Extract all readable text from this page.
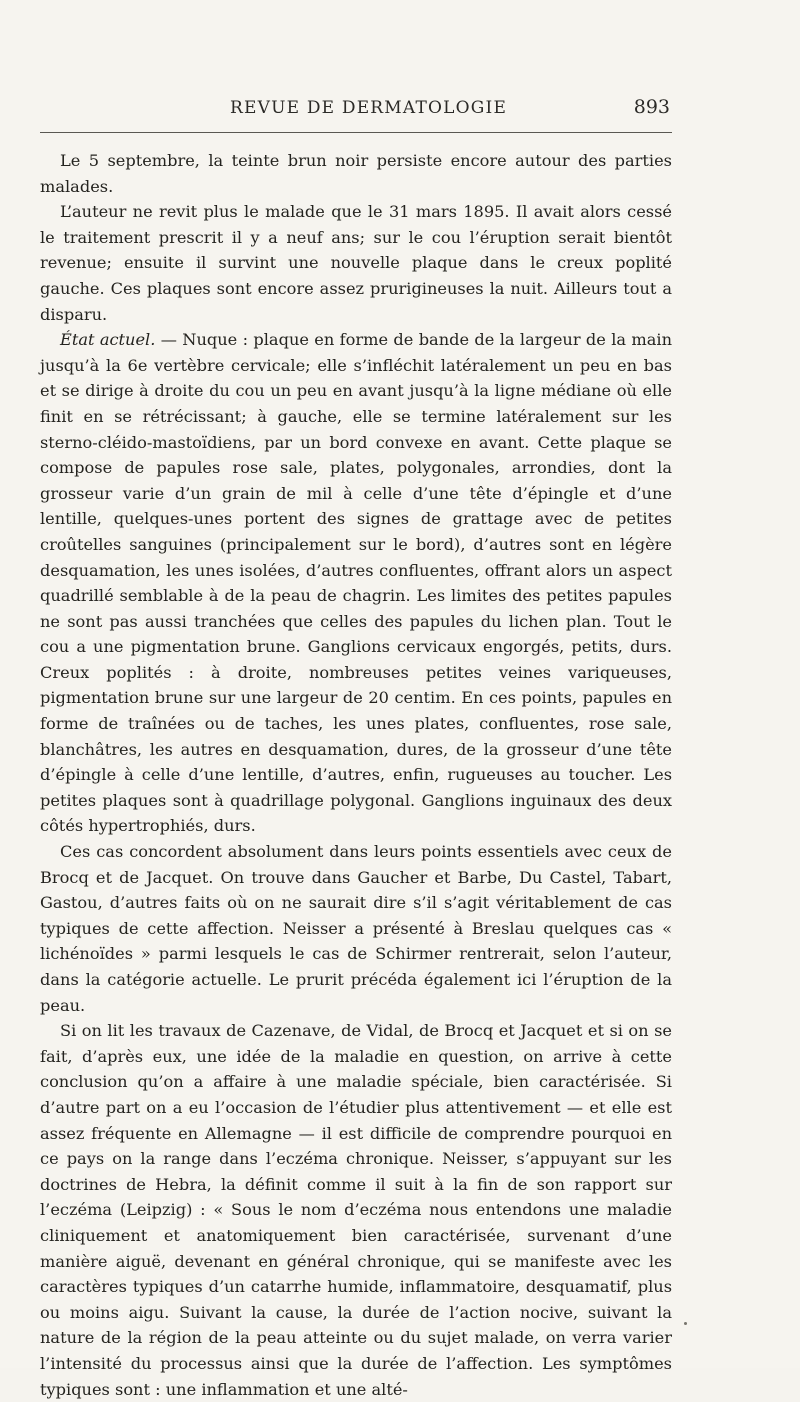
REVUE DE DERMATOLOGIE	893

Le 5 septembre, la teinte brun noir persiste encore autour des parties malades.

L’auteur ne revit plus le malade que le 31 mars 1895. Il avait alors cessé le traitement prescrit il y a neuf ans; sur le cou l’éruption serait bientôt revenue; ensuite il survint une nouvelle plaque dans le creux poplité gauche. Ces plaques sont encore assez prurigineuses la nuit. Ailleurs tout a disparu.

État actuel. — Nuque : plaque en forme de bande de la largeur de la main jusqu’à la 6e vertèbre cervicale; elle s’infléchit latéralement un peu en bas et se dirige à droite du cou un peu en avant jusqu’à la ligne médiane où elle finit en se rétrécissant; à gauche, elle se termine latéralement sur les sterno-cléido-mastoïdiens, par un bord convexe en avant. Cette plaque se compose de papules rose sale, plates, polygonales, arrondies, dont la grosseur varie d’un grain de mil à celle d’une tête d’épingle et d’une lentille, quelques-unes portent des signes de grattage avec de petites croûtelles sanguines (principalement sur le bord), d’autres sont en légère desquamation, les unes isolées, d’autres confluentes, offrant alors un aspect quadrillé semblable à de la peau de chagrin. Les limites des petites papules ne sont pas aussi tranchées que celles des papules du lichen plan. Tout le cou a une pigmentation brune. Ganglions cervicaux engorgés, petits, durs. Creux poplités : à droite, nombreuses petites veines variqueuses, pigmentation brune sur une largeur de 20 centim. En ces points, papules en forme de traînées ou de taches, les unes plates, confluentes, rose sale, blanchâtres, les autres en desquamation, dures, de la grosseur d’une tête d’épingle à celle d’une lentille, d’autres, enfin, rugueuses au toucher. Les petites plaques sont à quadrillage polygonal. Ganglions inguinaux des deux côtés hypertrophiés, durs.

Ces cas concordent absolument dans leurs points essentiels avec ceux de Brocq et de Jacquet. On trouve dans Gaucher et Barbe, Du Castel, Tabart, Gastou, d’autres faits où on ne saurait dire s’il s’agit véritablement de cas typiques de cette affection. Neisser a présenté à Breslau quelques cas « lichénoïdes » parmi lesquels le cas de Schirmer rentrerait, selon l’auteur, dans la catégorie actuelle. Le prurit précéda également ici l’éruption de la peau.

Si on lit les travaux de Cazenave, de Vidal, de Brocq et Jacquet et si on se fait, d’après eux, une idée de la maladie en question, on arrive à cette conclusion qu’on a affaire à une maladie spéciale, bien caractérisée. Si d’autre part on a eu l’occasion de l’étudier plus attentivement — et elle est assez fréquente en Allemagne — il est difficile de comprendre pourquoi en ce pays on la range dans l’eczéma chronique. Neisser, s’appuyant sur les doctrines de Hebra, la définit comme il suit à la fin de son rapport sur l’eczéma (Leipzig) : « Sous le nom d’eczéma nous entendons une maladie cliniquement et anatomiquement bien caractérisée, survenant d’une manière aiguë, devenant en général chronique, qui se manifeste avec les caractères typiques d’un catarrhe humide, inflammatoire, desquamatif, plus ou moins aigu. Suivant la cause, la durée de l’action nocive, suivant la nature de la région de la peau atteinte ou du sujet malade, on verra varier l’intensité du processus ainsi que la durée de l’affection. Les symptômes typiques sont : une inflammation et une alté-
